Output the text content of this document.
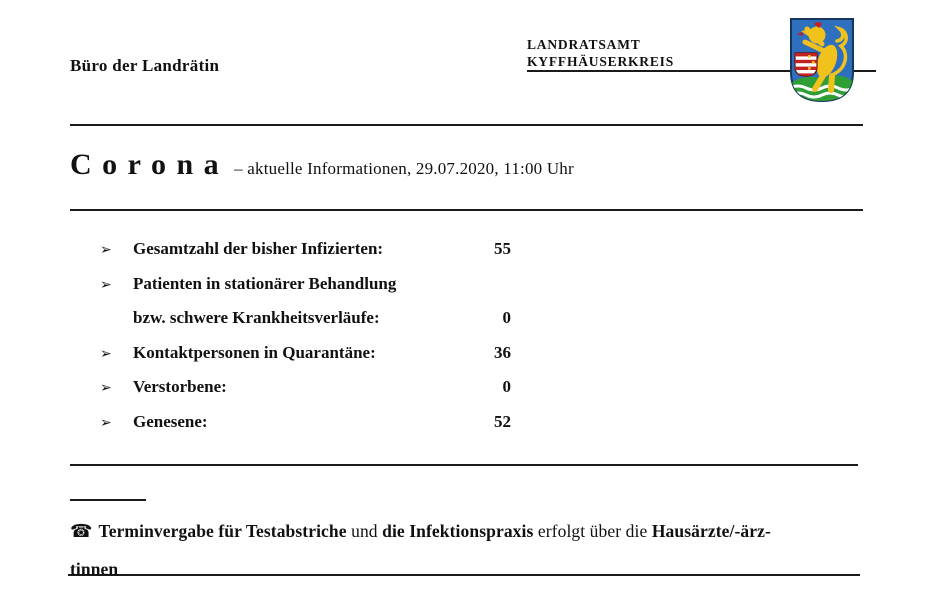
Büro der Landrätin
LANDRATSAMT
KYFFHÄUSERKREIS
C o r o n a – aktuelle Informationen, 29.07.2020, 11:00 Uhr
➢ Gesamtzahl der bisher Infizierten:	55
➢ Patienten in stationärer Behandlung
bzw. schwere Krankheitsverläufe:	0
➢ Kontaktpersonen in Quarantäne:	36
➢ Verstorbene:	0
➢ Genesene:	52
☎ Terminvergabe für Testabstriche und die Infektionspraxis erfolgt über die Hausärzte/-ärz-
tinnen
